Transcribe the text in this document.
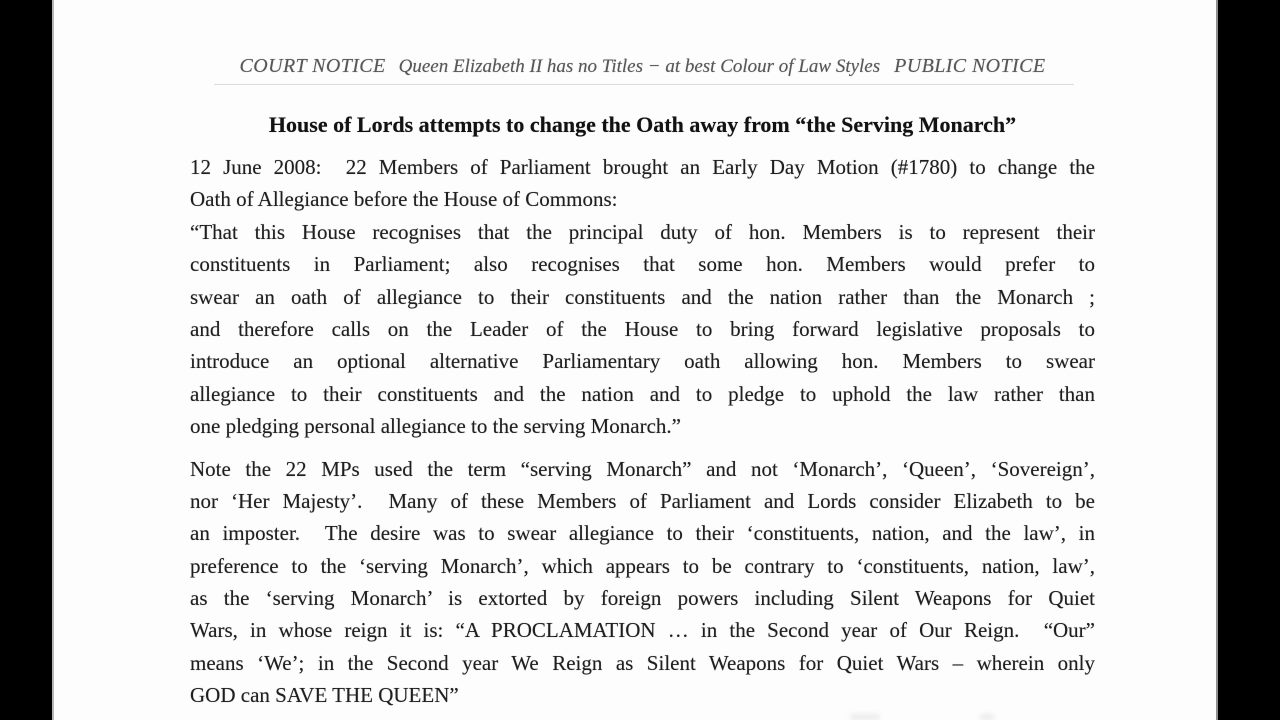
COURT NOTICE Queen Elizabeth II has no Titles − at best Colour of Law Styles PUBLIC NOTICE
House of Lords attempts to change the Oath away from “the Serving Monarch”
12 June 2008:  22 Members of Parliament brought an Early Day Motion (#1780) to change the
Oath of Allegiance before the House of Commons:
“That this House recognises that the principal duty of hon. Members is to represent their
constituents in Parliament; also recognises that some hon. Members would prefer to
swear an oath of allegiance to their constituents and the nation rather than the Monarch ;
and therefore calls on the Leader of the House to bring forward legislative proposals to
introduce an optional alternative Parliamentary oath allowing hon. Members to swear
allegiance to their constituents and the nation and to pledge to uphold the law rather than
one pledging personal allegiance to the serving Monarch.”
Note the 22 MPs used the term “serving Monarch” and not ‘Monarch’, ‘Queen’, ‘Sovereign’,
nor ‘Her Majesty’.  Many of these Members of Parliament and Lords consider Elizabeth to be
an imposter.  The desire was to swear allegiance to their ‘constituents, nation, and the law’, in
preference to the ‘serving Monarch’, which appears to be contrary to ‘constituents, nation, law’,
as the ‘serving Monarch’ is extorted by foreign powers including Silent Weapons for Quiet
Wars, in whose reign it is: “A PROCLAMATION … in the Second year of Our Reign.  “Our”
means ‘We’; in the Second year We Reign as Silent Weapons for Quiet Wars – wherein only
GOD can SAVE THE QUEEN”
